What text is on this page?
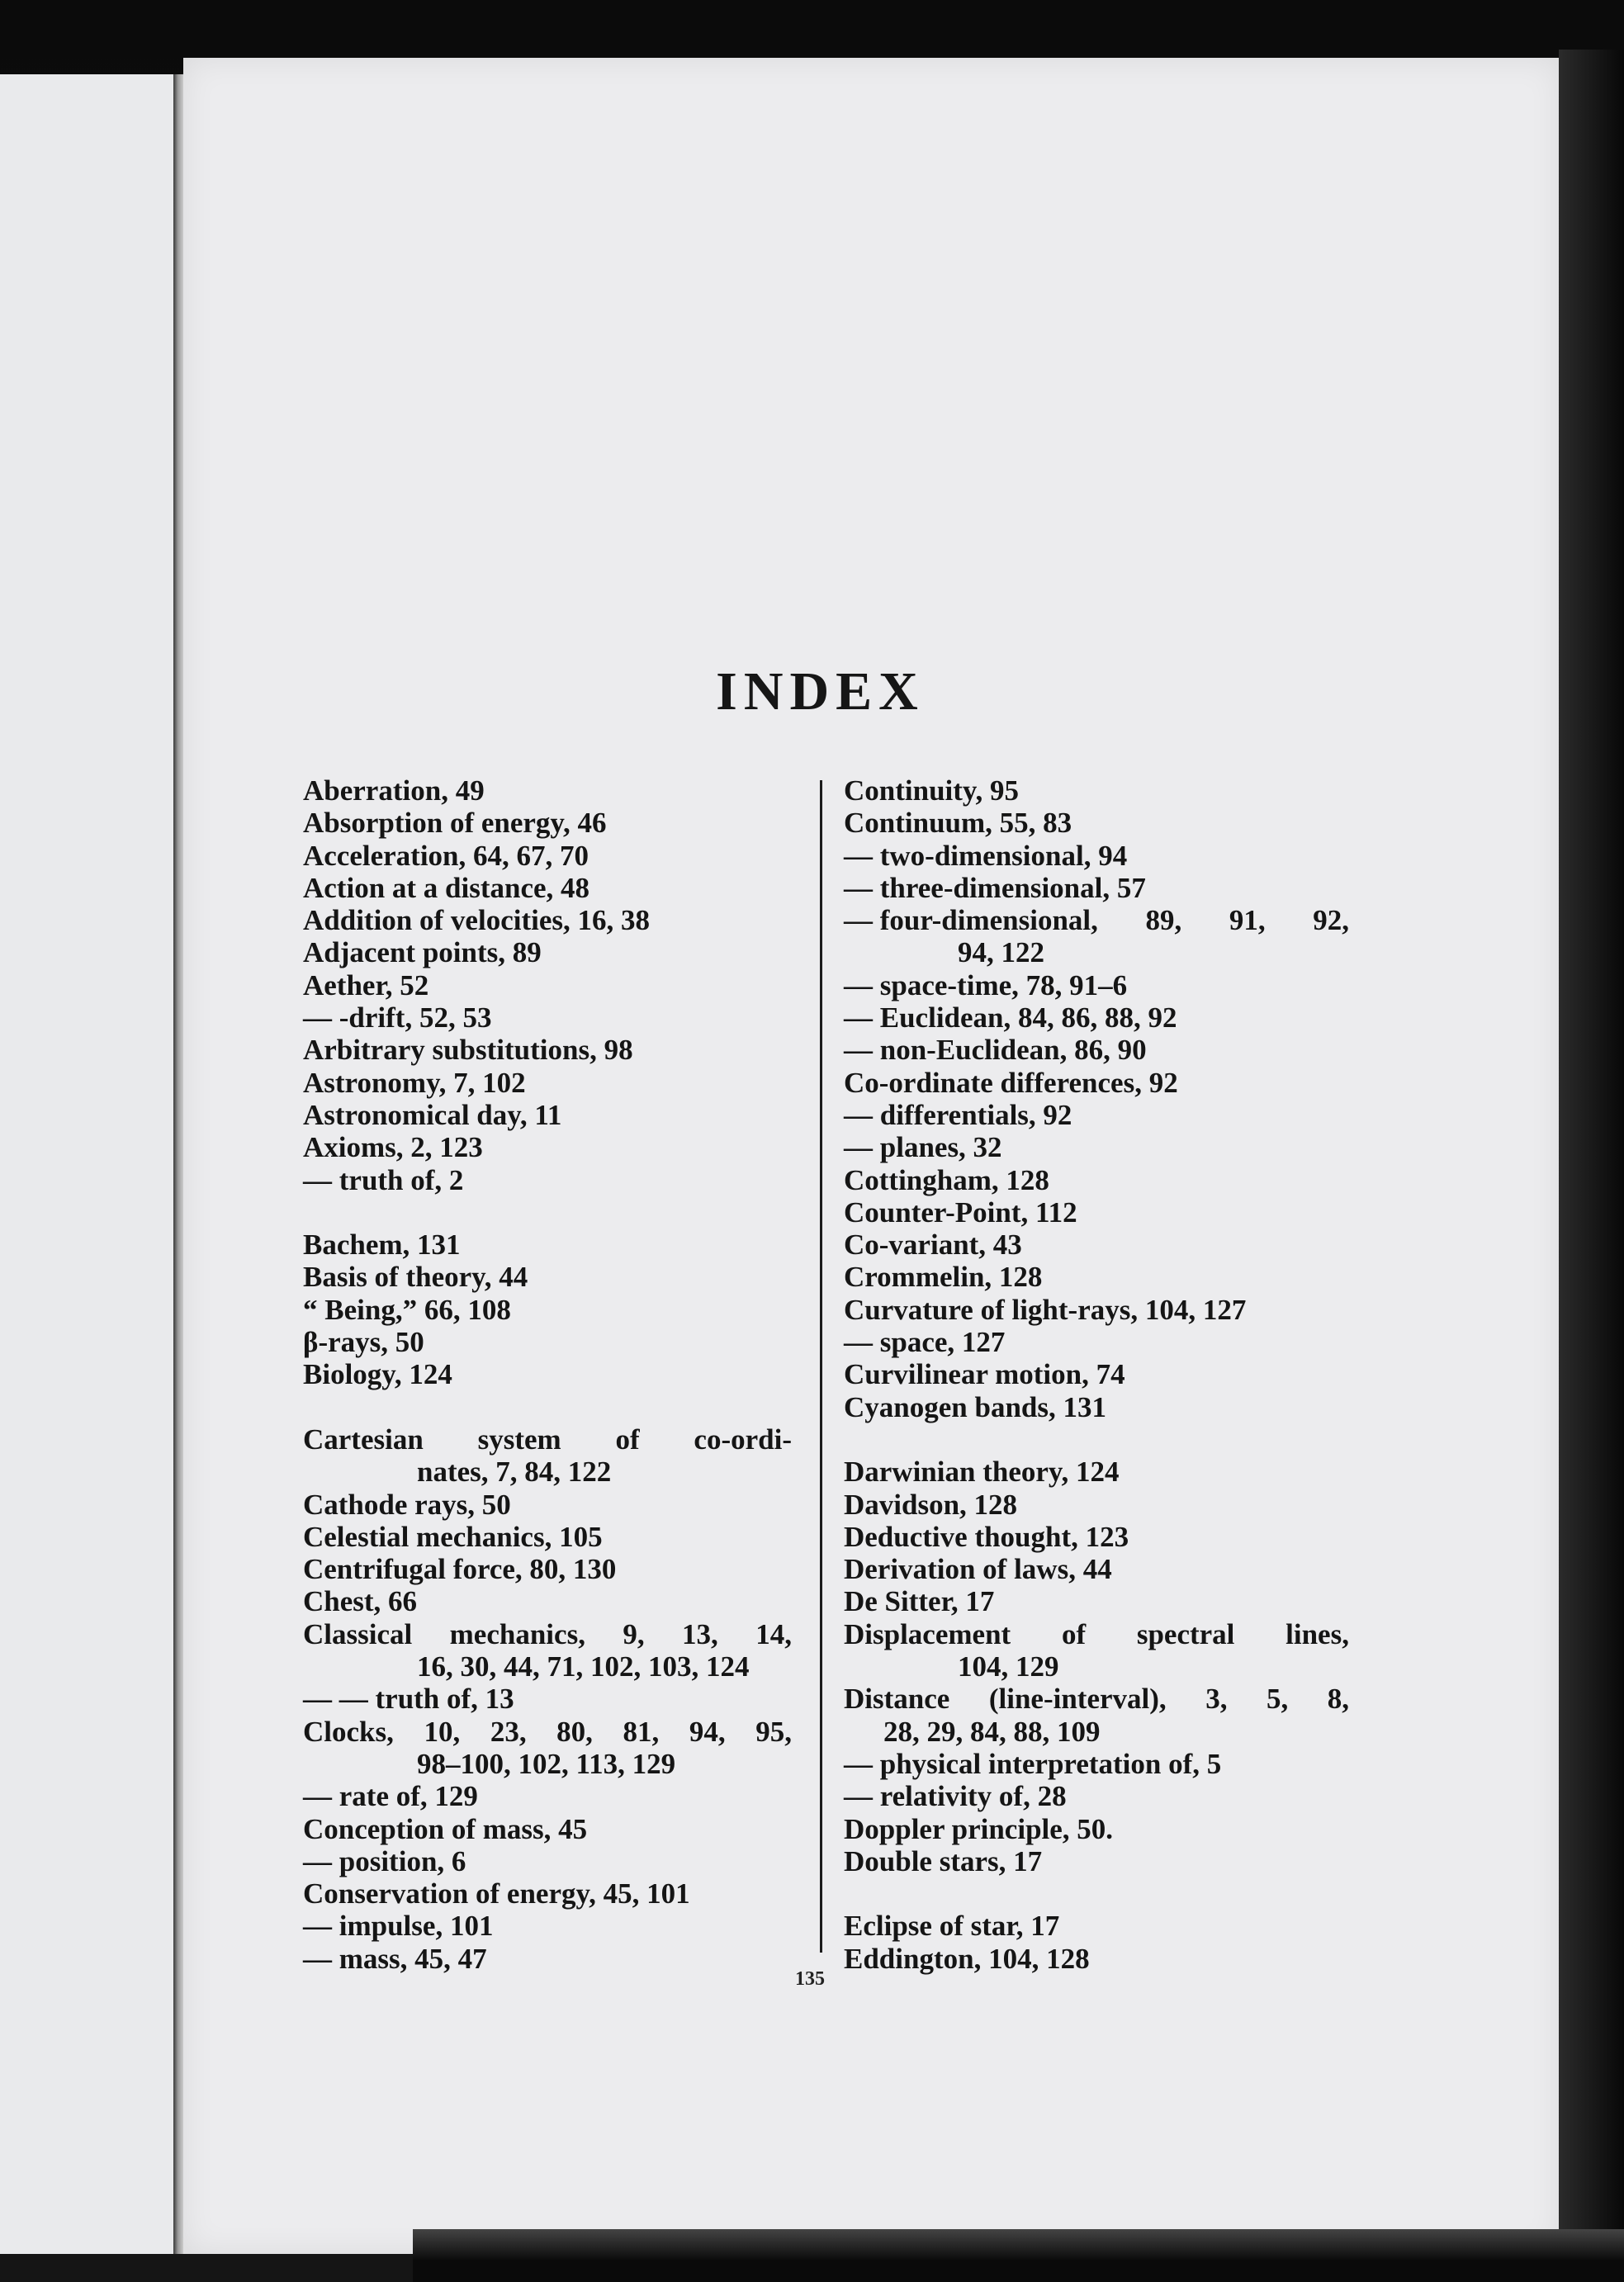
INDEX
Aberration, 49
Absorption of energy, 46
Acceleration, 64, 67, 70
Action at a distance, 48
Addition of velocities, 16, 38
Adjacent points, 89
Aether, 52
— -drift, 52, 53
Arbitrary substitutions, 98
Astronomy, 7, 102
Astronomical day, 11
Axioms, 2, 123
— truth of, 2
Bachem, 131
Basis of theory, 44
“ Being,” 66, 108
β-rays, 50
Biology, 124
Cartesian system of co-ordi-
nates, 7, 84, 122
Cathode rays, 50
Celestial mechanics, 105
Centrifugal force, 80, 130
Chest, 66
Classical mechanics, 9, 13, 14,
16, 30, 44, 71, 102, 103, 124
— — truth of, 13
Clocks, 10, 23, 80, 81, 94, 95,
98–100, 102, 113, 129
— rate of, 129
Conception of mass, 45
— position, 6
Conservation of energy, 45, 101
— impulse, 101
— mass, 45, 47
Continuity, 95
Continuum, 55, 83
— two-dimensional, 94
— three-dimensional, 57
— four-dimensional, 89, 91, 92,
94, 122
— space-time, 78, 91–6
— Euclidean, 84, 86, 88, 92
— non-Euclidean, 86, 90
Co-ordinate differences, 92
— differentials, 92
— planes, 32
Cottingham, 128
Counter-Point, 112
Co-variant, 43
Crommelin, 128
Curvature of light-rays, 104, 127
— space, 127
Curvilinear motion, 74
Cyanogen bands, 131
Darwinian theory, 124
Davidson, 128
Deductive thought, 123
Derivation of laws, 44
De Sitter, 17
Displacement of spectral lines,
104, 129
Distance (line-interval), 3, 5, 8,
28, 29, 84, 88, 109
— physical interpretation of, 5
— relativity of, 28
Doppler principle, 50.
Double stars, 17
Eclipse of star, 17
Eddington, 104, 128
135
